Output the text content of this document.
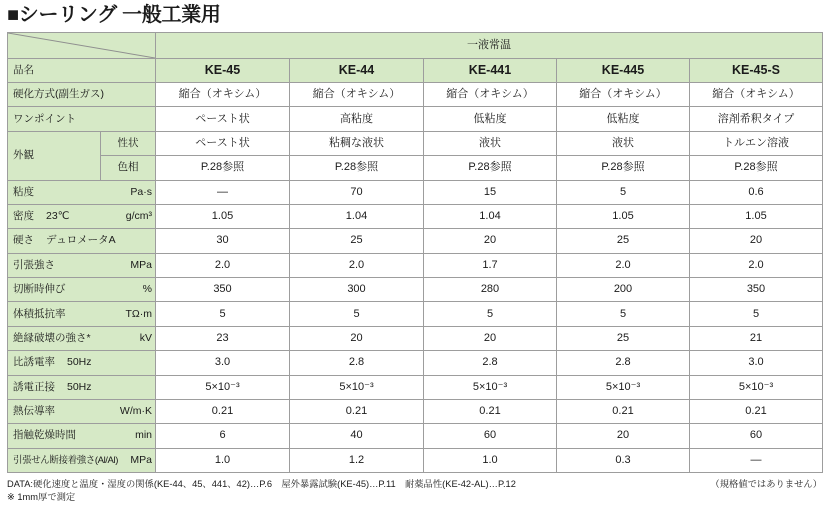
■シーリング 一般工業用
	一液常温				
品名		KE-45	KE-44	KE-441	KE-445	KE-45-S

硬化方式(副生ガス)		縮合（オキシム）	縮合（オキシム）	縮合（オキシム）	縮合（オキシム）	縮合（オキシム）

ワンポイント		ペースト状	高粘度	低粘度	低粘度	溶剤希釈タイプ
外観	性状	ペースト状	粘稠な液状	液状	液状	トルエン溶液
	色相	P.28参照	P.28参照	P.28参照	P.28参照	P.28参照

粘度 Pa·s		—	70	15	5	0.6

密度 23℃ g/cm³		1.05	1.04	1.04	1.05	1.05

硬さ デュロメータA		30	25	20	25	20

引張強さ MPa		2.0	2.0	1.7	2.0	2.0

切断時伸び %		350	300	280	200	350

体積抵抗率 TΩ·m		5	5	5	5	5

絶縁破壊の強さ* kV		23	20	20	25	21

比誘電率 50Hz		3.0	2.8	2.8	2.8	3.0

誘電正接 50Hz		5×10⁻³	5×10⁻³	5×10⁻³	5×10⁻³	5×10⁻³

熱伝導率 W/m·K		0.21	0.21	0.21	0.21	0.21

指触乾燥時間 min		6	40	60	20	60

引張せん断接着強さ(Al/Al) MPa		1.0	1.2	1.0	0.3	—
DATA:硬化速度と温度・湿度の関係(KE-44、45、441、42)…P.6　屋外暴露試験(KE-45)…P.11　耐薬品性(KE-42-AL)…P.12	（規格値ではありません）
※ 1mm厚で測定
